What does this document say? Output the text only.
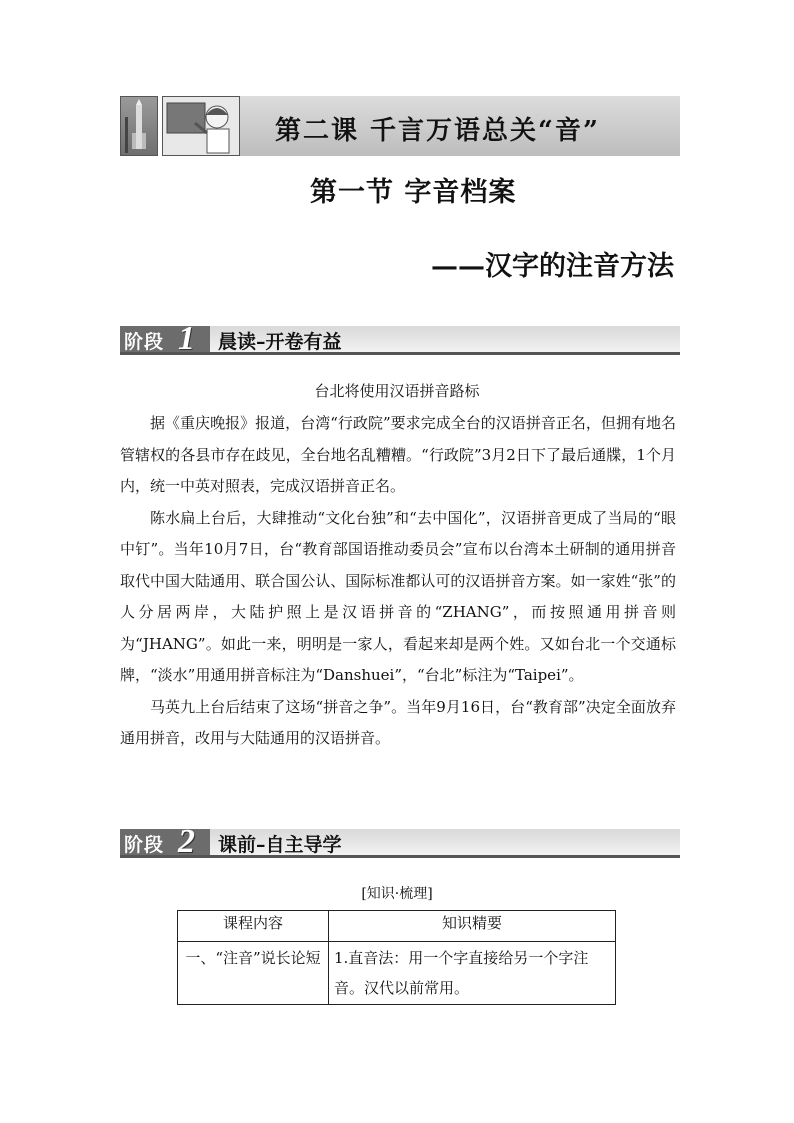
第二课 千言万语总关“音”
第一节 字音档案
——汉字的注音方法
阶段 1 晨读–开卷有益
台北将使用汉语拼音路标

据《重庆晚报》报道，台湾“行政院”要求完成全台的汉语拼音正名，但拥有地名管辖权的各县市存在歧见，全台地名乱糟糟。“行政院”3月2日下了最后通牒，1个月内，统一中英对照表，完成汉语拼音正名。

陈水扁上台后，大肆推动“文化台独”和“去中国化”，汉语拼音更成了当局的“眼中钉”。当年10月7日，台“教育部国语推动委员会”宣布以台湾本土研制的通用拼音取代中国大陆通用、联合国公认、国际标准都认可的汉语拼音方案。如一家姓“张”的人分居两岸，大陆护照上是汉语拼音的“ZHANG”，而按照通用拼音则为“JHANG”。如此一来，明明是一家人，看起来却是两个姓。又如台北一个交通标牌，“淡水”用通用拼音标注为“Danshuei”，“台北”标注为“Taipei”。

马英九上台后结束了这场“拼音之争”。当年9月16日，台“教育部”决定全面放弃通用拼音，改用与大陆通用的汉语拼音。

阶段 2 课前–自主导学
[知识·梳理]
课程内容	知识精要
一、“注音”说长论短	1.直音法：用一个字直接给另一个字注音。汉代以前常用。
